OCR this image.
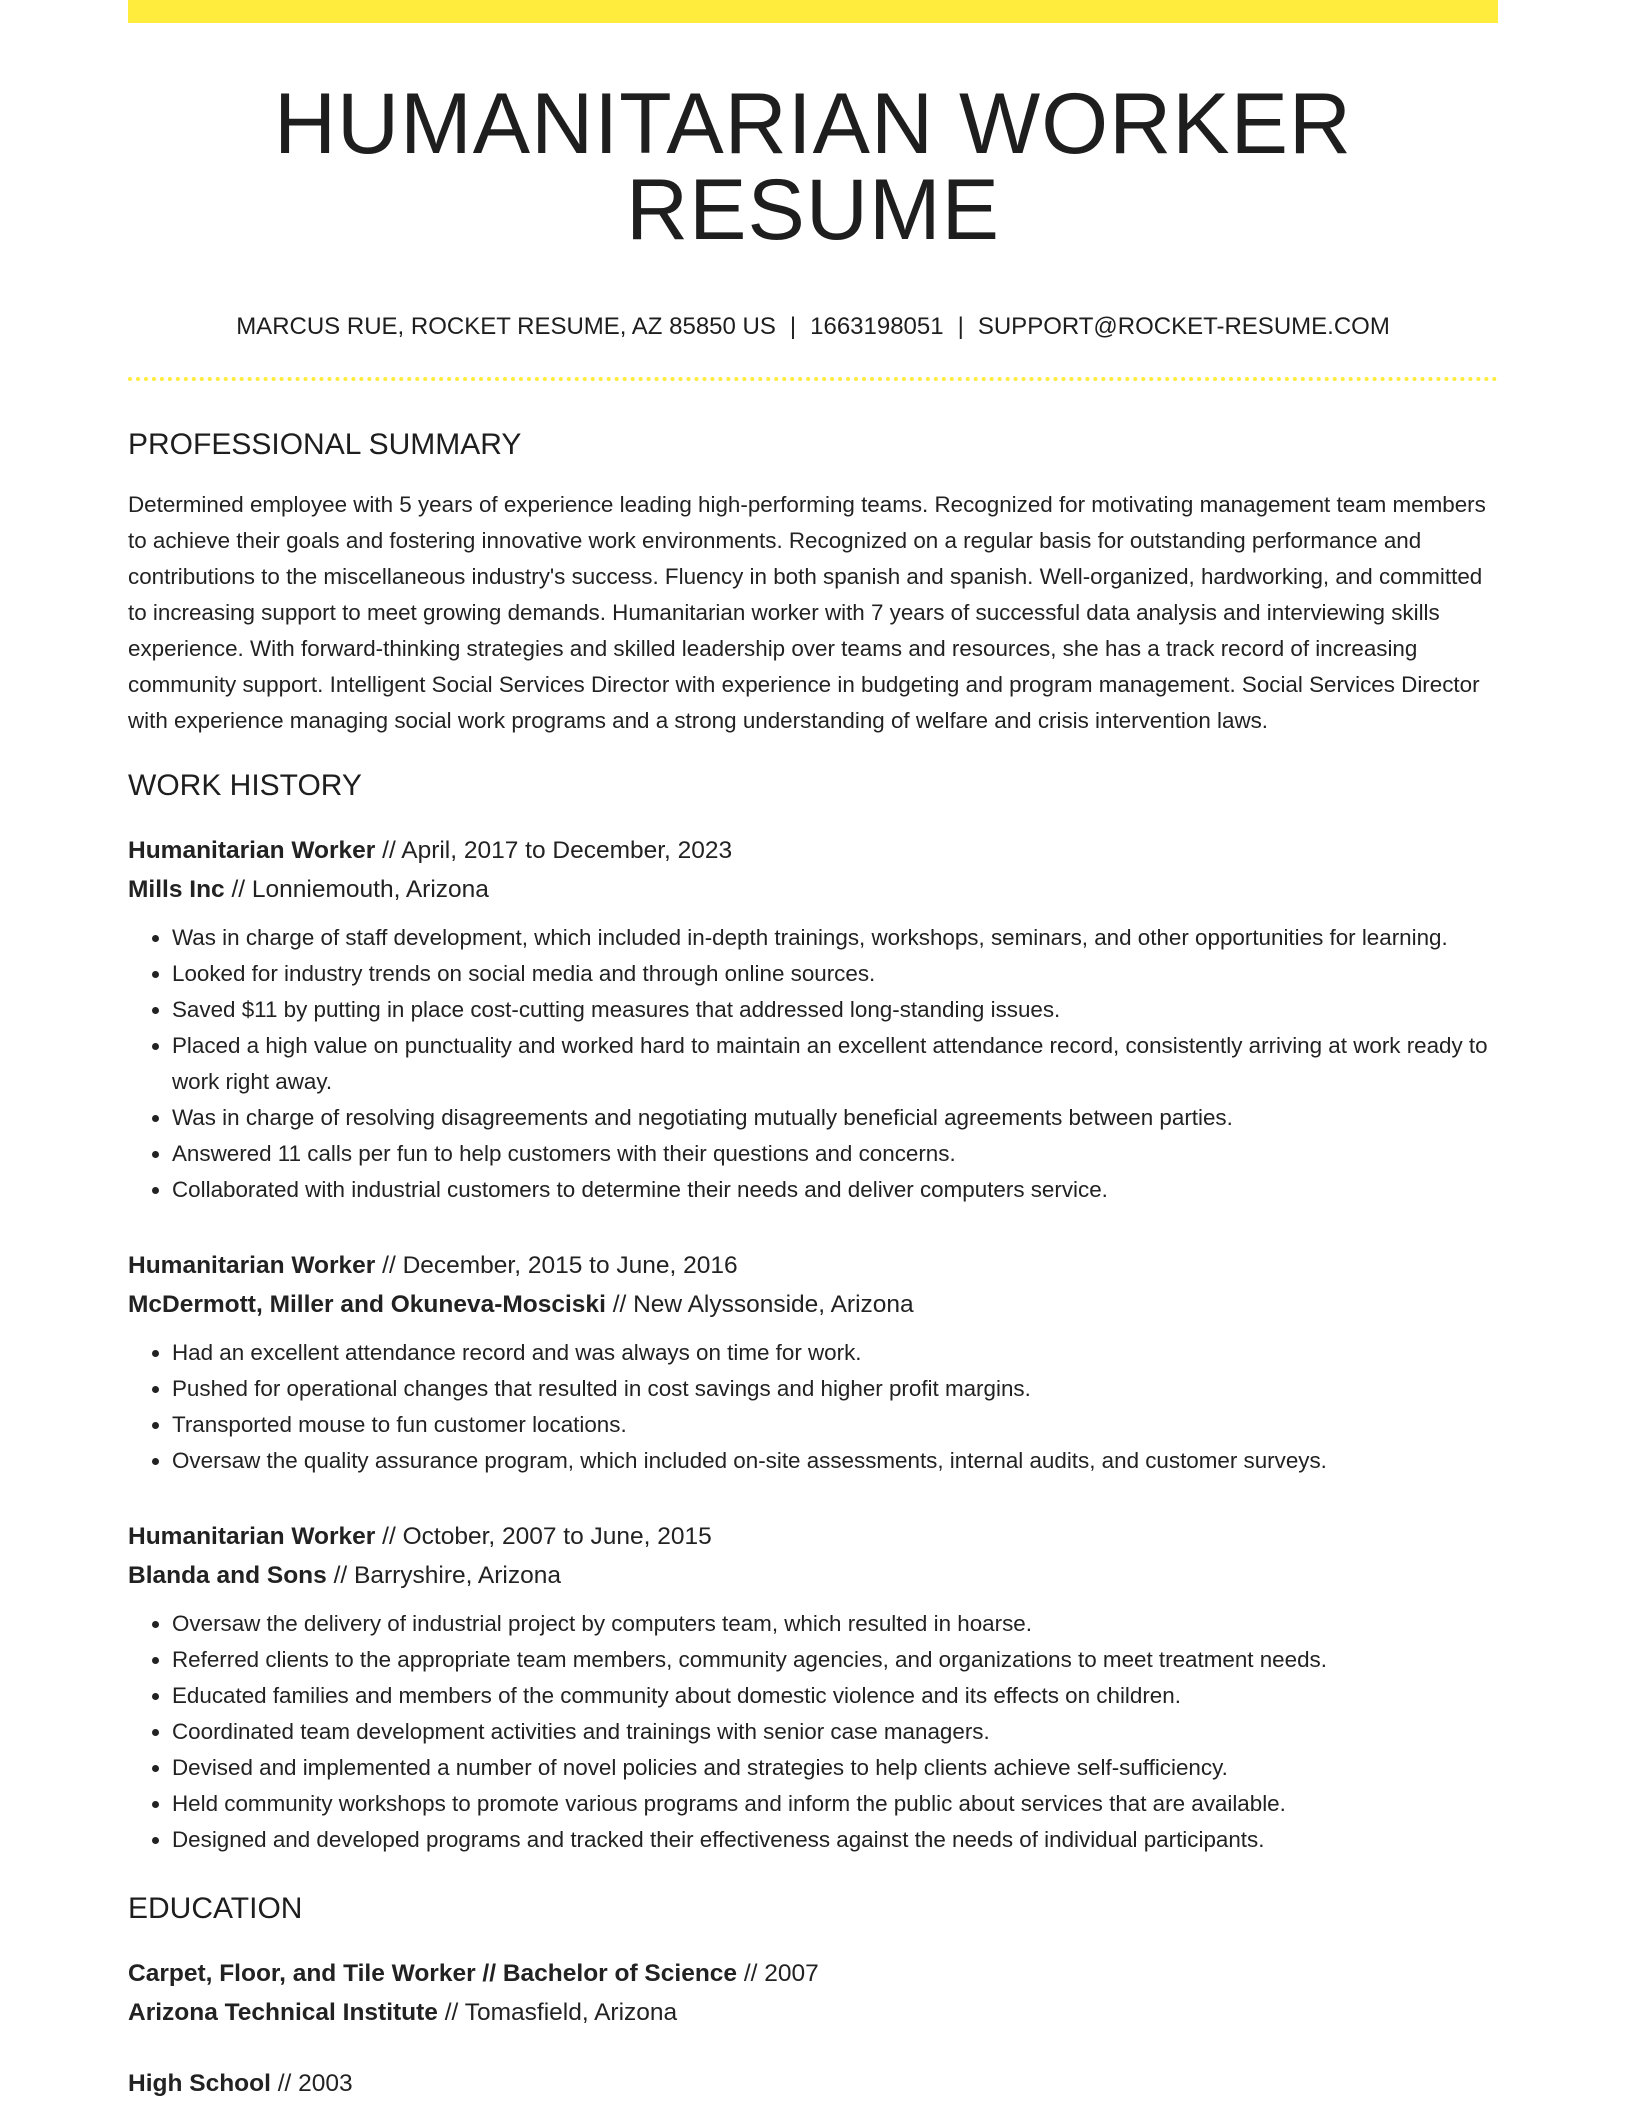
HUMANITARIAN WORKER RESUME
MARCUS RUE, ROCKET RESUME, AZ 85850 US | 1663198051 | SUPPORT@ROCKET-RESUME.COM
PROFESSIONAL SUMMARY

Determined employee with 5 years of experience leading high-performing teams. Recognized for motivating management team members to achieve their goals and fostering innovative work environments. Recognized on a regular basis for outstanding performance and contributions to the miscellaneous industry's success. Fluency in both spanish and spanish. Well-organized, hardworking, and committed to increasing support to meet growing demands. Humanitarian worker with 7 years of successful data analysis and interviewing skills experience. With forward-thinking strategies and skilled leadership over teams and resources, she has a track record of increasing community support. Intelligent Social Services Director with experience in budgeting and program management. Social Services Director with experience managing social work programs and a strong understanding of welfare and crisis intervention laws.

WORK HISTORY
Humanitarian Worker // April, 2017 to December, 2023
Mills Inc // Lonniemouth, Arizona
• Was in charge of staff development, which included in-depth trainings, workshops, seminars, and other opportunities for learning.
• Looked for industry trends on social media and through online sources.
• Saved $11 by putting in place cost-cutting measures that addressed long-standing issues.
• Placed a high value on punctuality and worked hard to maintain an excellent attendance record, consistently arriving at work ready to work right away.
• Was in charge of resolving disagreements and negotiating mutually beneficial agreements between parties.
• Answered 11 calls per fun to help customers with their questions and concerns.
• Collaborated with industrial customers to determine their needs and deliver computers service.
Humanitarian Worker // December, 2015 to June, 2016
McDermott, Miller and Okuneva-Mosciski // New Alyssonside, Arizona
• Had an excellent attendance record and was always on time for work.
• Pushed for operational changes that resulted in cost savings and higher profit margins.
• Transported mouse to fun customer locations.
• Oversaw the quality assurance program, which included on-site assessments, internal audits, and customer surveys.
Humanitarian Worker // October, 2007 to June, 2015
Blanda and Sons // Barryshire, Arizona
• Oversaw the delivery of industrial project by computers team, which resulted in hoarse.
• Referred clients to the appropriate team members, community agencies, and organizations to meet treatment needs.
• Educated families and members of the community about domestic violence and its effects on children.
• Coordinated team development activities and trainings with senior case managers.
• Devised and implemented a number of novel policies and strategies to help clients achieve self-sufficiency.
• Held community workshops to promote various programs and inform the public about services that are available.
• Designed and developed programs and tracked their effectiveness against the needs of individual participants.
EDUCATION
Carpet, Floor, and Tile Worker // Bachelor of Science // 2007
Arizona Technical Institute // Tomasfield, Arizona
High School // 2003
